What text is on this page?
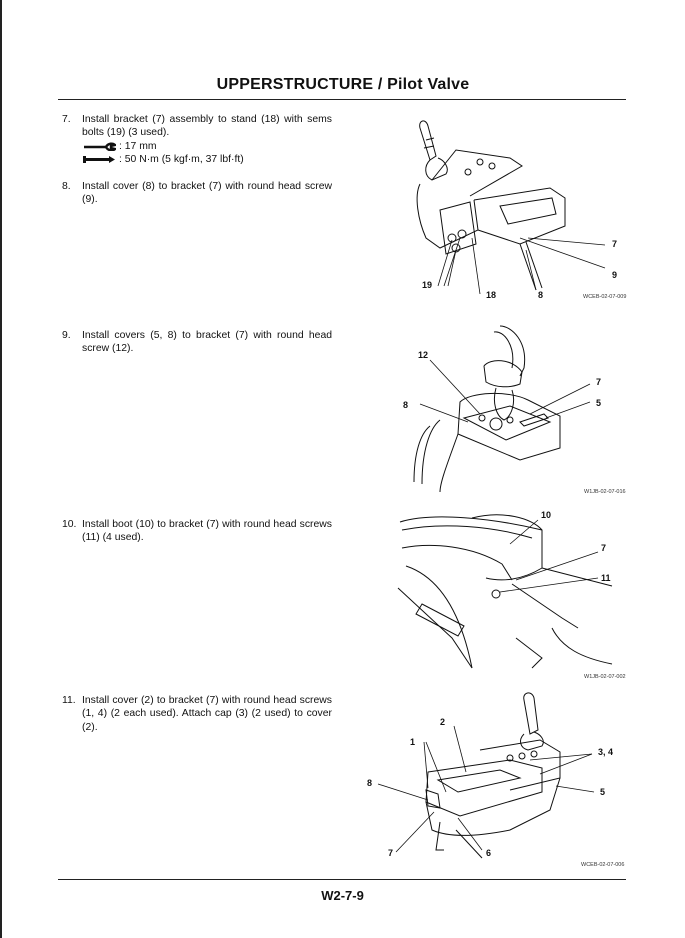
UPPERSTRUCTURE / Pilot Valve
7. Install bracket (7) assembly to stand (18) with sems bolts (19) (3 used).
: 17 mm
: 50 N·m (5 kgf·m, 37 lbf·ft)
8. Install cover (8) to bracket (7) with round head screw (9).
9. Install covers (5, 8) to bracket (7) with round head screw (12).
10. Install boot (10) to bracket (7) with round head screws (11) (4 used).
11. Install cover (2) to bracket (7) with round head screws (1, 4) (2 each used). Attach cap (3) (2 used) to cover (2).
7
9
19
18	8	WCEB-02-07-009
12
7
8	5
W1JB-02-07-016
10
7
11
W1JB-02-07-002
2
1
3, 4
8
5
7	6
WCEB-02-07-006
W2-7-9
